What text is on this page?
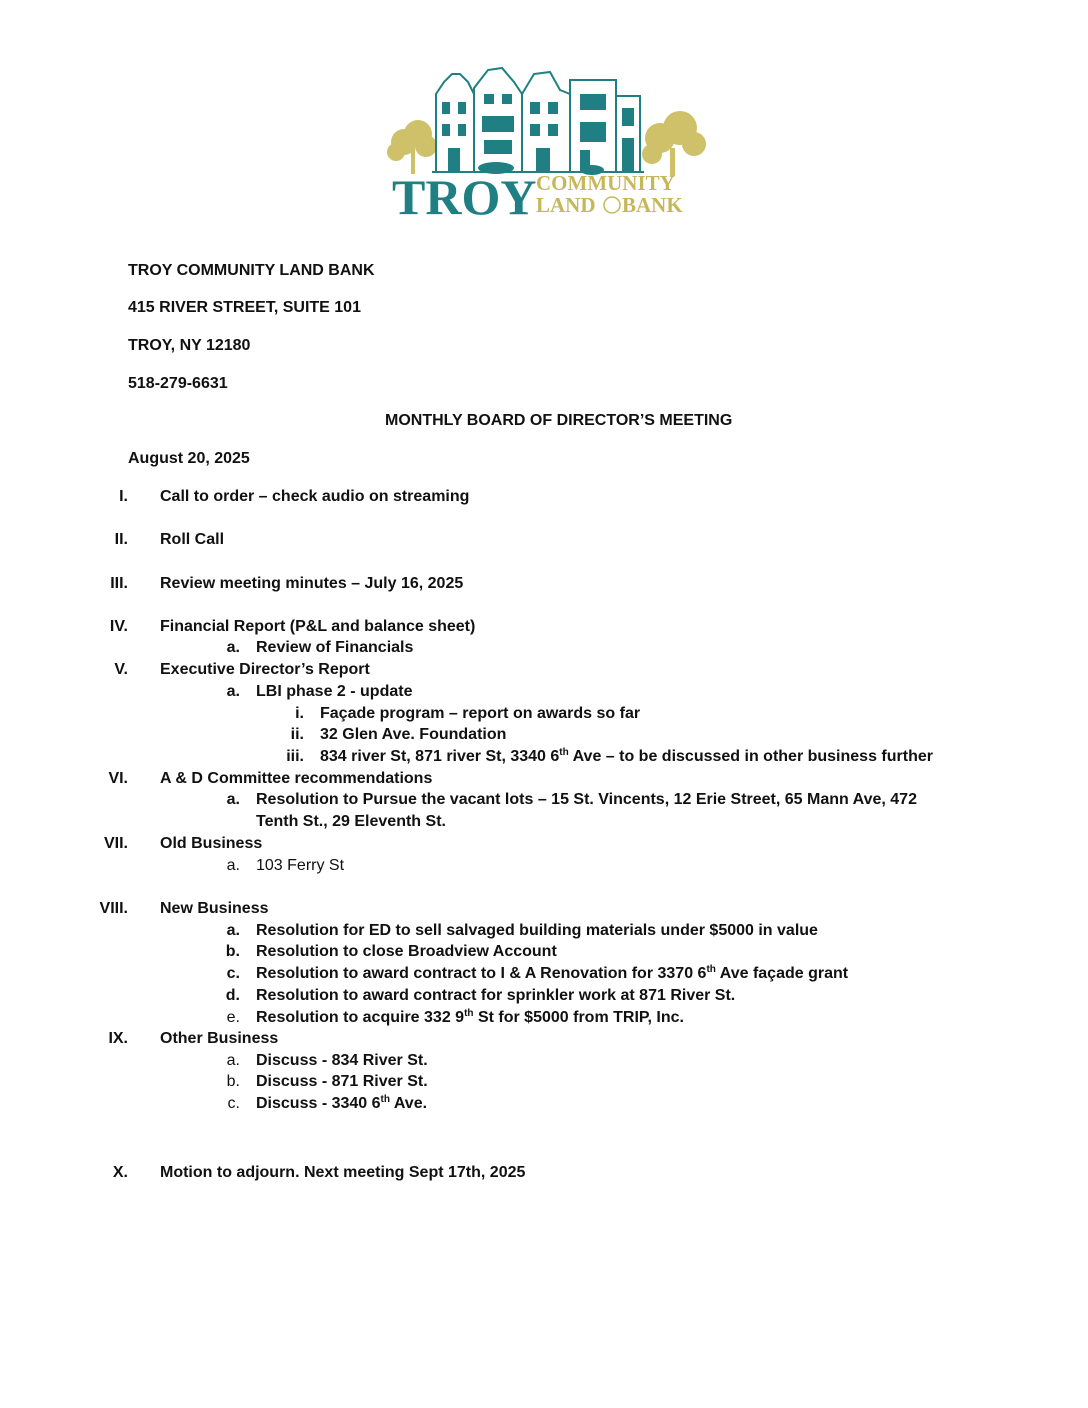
TROY COMMUNITY
LAND BANK
TROY COMMUNITY LAND BANK
415 RIVER STREET, SUITE 101
TROY, NY 12180
518-279-6631
MONTHLY BOARD OF DIRECTOR’S MEETING
August 20, 2025
I. Call to order – check audio on streaming
II. Roll Call
III. Review meeting minutes – July 16, 2025
IV. Financial Report (P&L and balance sheet)
a. Review of Financials
V. Executive Director’s Report
a. LBI phase 2 - update
i. Façade program – report on awards so far
ii. 32 Glen Ave. Foundation
iii. 834 river St, 871 river St, 3340 6th Ave – to be discussed in other business further
VI. A & D Committee recommendations
a. Resolution to Pursue the vacant lots – 15 St. Vincents, 12 Erie Street, 65 Mann Ave, 472
Tenth St., 29 Eleventh St.
VII. Old Business
a. 103 Ferry St
VIII. New Business
a. Resolution for ED to sell salvaged building materials under $5000 in value
b. Resolution to close Broadview Account
c. Resolution to award contract to I & A Renovation for 3370 6th Ave façade grant
d. Resolution to award contract for sprinkler work at 871 River St.
e. Resolution to acquire 332 9th St for $5000 from TRIP, Inc.
IX. Other Business
a. Discuss - 834 River St.
b. Discuss - 871 River St.
c. Discuss - 3340 6th Ave.
X. Motion to adjourn. Next meeting Sept 17th, 2025
